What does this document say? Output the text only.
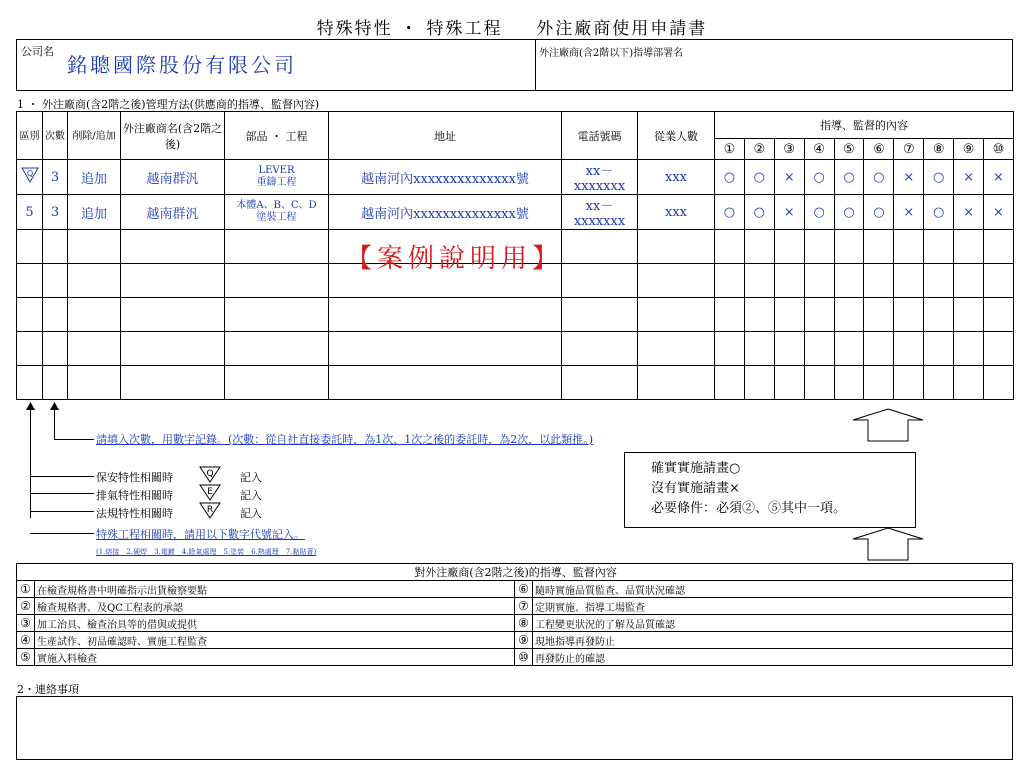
特殊特性 ・ 特殊工程 　 外注廠商使用申請書
公司名
銘聰國際股份有限公司	外注廠商(含2階以下)指導部署名
1 ・ 外注廠商(含2階之後)管理方法(供應商的指導、監督內容)
區別	次數	削除/追加	外注廠商名(含2階之後)	部品 ・ 工程	地址	電話號碼	從業人數	指導、監督的內容									
								①	②	③	④	⑤	⑥	⑦	⑧	⑨	⑩

Q	3	追加	越南群汎	LEVER
重鑄工程	越南河內xxxxxxxxxxxxxx號	xx－xxxxxxx	xxx	○	○	×	○	○	○	×	○	×	×
5	3	追加	越南群汎	本體A、B、C、D
塗裝工程	越南河內xxxxxxxxxxxxxx號	xx－xxxxxxx	xxx	○	○	×	○	○	○	×	○	×	×

【案例說明用】
請填入次數，用數字記錄。(次數：從自社直接委託時，為1次，1次之後的委託時，為2次，以此類推。)
保安特性相關時	Q 記入
排氣特性相關時	E 記入
法規特性相關時	R 記入
特殊工程相關時，請用以下數字代號記入。
(1.熔接　2.硬焊　3.電鍍　4.除氣處理　5.塗裝　6.熱處理　7.黏貼著)
確實實施請畫○
沒有實施請畫×
必要條件：必須②、⑤其中一項。
對外注廠商(含2階之後)的指導、監督內容			
①	在檢查規格書中明確指示出貨檢察要點	⑥	隨時實施品質監查、品質狀況確認
②	檢查規格書、及QC工程表的承認	⑦	定期實施、指導工場監查
③	加工治具、檢查治具等的借與或提供	⑧	工程變更狀況的了解及品質確認
④	生產試作、初品確認時、實施工程監查	⑨	現地指導再發防止
⑤	實施入料檢查	⑩	再發防止的確認
2・連絡事項
